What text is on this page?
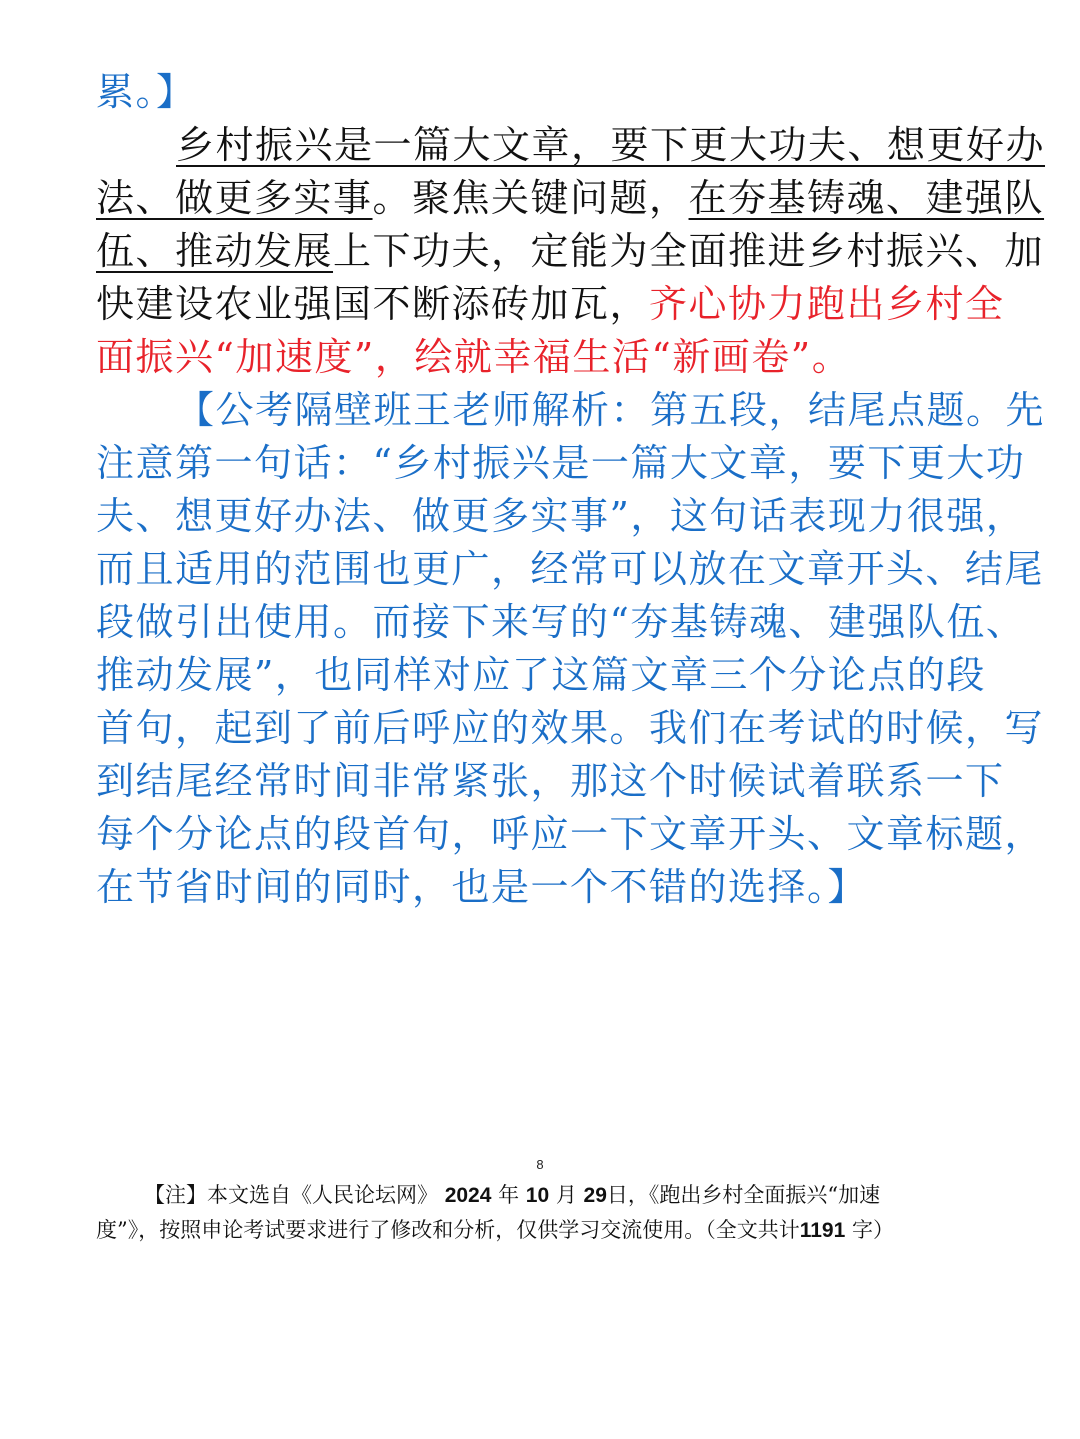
累。】
乡村振兴是一篇大文章，要下更大功夫、想更好办
法、做更多实事。聚焦关键问题，在夯基铸魂、建强队
伍、推动发展上下功夫，定能为全面推进乡村振兴、加
快建设农业强国不断添砖加瓦，齐心协力跑出乡村全
面振兴“加速度”，绘就幸福生活“新画卷”。
【公考隔壁班王老师解析：第五段，结尾点题。先
注意第一句话：“乡村振兴是一篇大文章，要下更大功
夫、想更好办法、做更多实事”，这句话表现力很强，
而且适用的范围也更广，经常可以放在文章开头、结尾
段做引出使用。而接下来写的“夯基铸魂、建强队伍、
推动发展”，也同样对应了这篇文章三个分论点的段
首句，起到了前后呼应的效果。我们在考试的时候，写
到结尾经常时间非常紧张，那这个时候试着联系一下
每个分论点的段首句，呼应一下文章开头、文章标题，
在节省时间的同时，也是一个不错的选择。】
8
【注】本文选自《人民论坛网》 2024 年 10 月 29日，《跑出乡村全面振兴“加速
度”》，按照申论考试要求进行了修改和分析，仅供学习交流使用。（全文共计1191 字）
